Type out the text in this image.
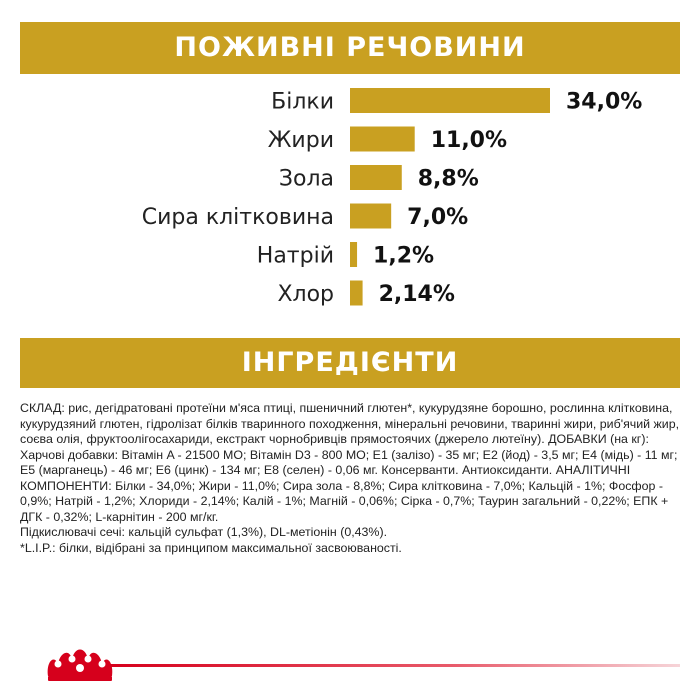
ПОЖИВНІ РЕЧОВИНИ
Білки	34,0%
Жири	11,0%
Зола	8,8%
Сира клітковина	7,0%
Натрій 1,2%
Хлор 2,14%
ІНГРЕДІЄНТИ

СКЛАД: рис, дегідратовані протеїни м'яса птиці, пшеничний глютен*, кукурудзяне борошно, рослинна клітковина, кукурудзяний глютен, гідролізат білків тваринного походження, мінеральні речовини, тваринні жири, риб'ячий жир, соєва олія, фруктоолігосахариди, екстракт чорнобривців прямостоячих (джерело лютеїну). ДОБАВКИ (на кг): Харчові добавки: Вітамін A - 21500 МО; Вітамін D3 - 800 МО; E1 (залізо) - 35 мг; E2 (йод) - 3,5 мг; E4 (мідь) - 11 мг; E5 (марганець) - 46 мг; E6 (цинк) - 134 мг; E8 (селен) - 0,06 мг. Консерванти. Антиоксиданти. АНАЛІТИЧНІ КОМПОНЕНТИ: Білки - 34,0%; Жири - 11,0%; Сира зола - 8,8%; Сира клітковина - 7,0%; Кальцій - 1%; Фосфор - 0,9%; Натрій - 1,2%; Хлориди - 2,14%; Калій - 1%; Магній - 0,06%; Сірка - 0,7%; Таурин загальний - 0,22%; ЕПК + ДГК - 0,32%; L-карнітин - 200 мг/кг.

Підкислювачі сечі: кальцій сульфат (1,3%), DL-метіонін (0,43%).

*L.I.P.: білки, відібрані за принципом максимальної засвоюваності.
